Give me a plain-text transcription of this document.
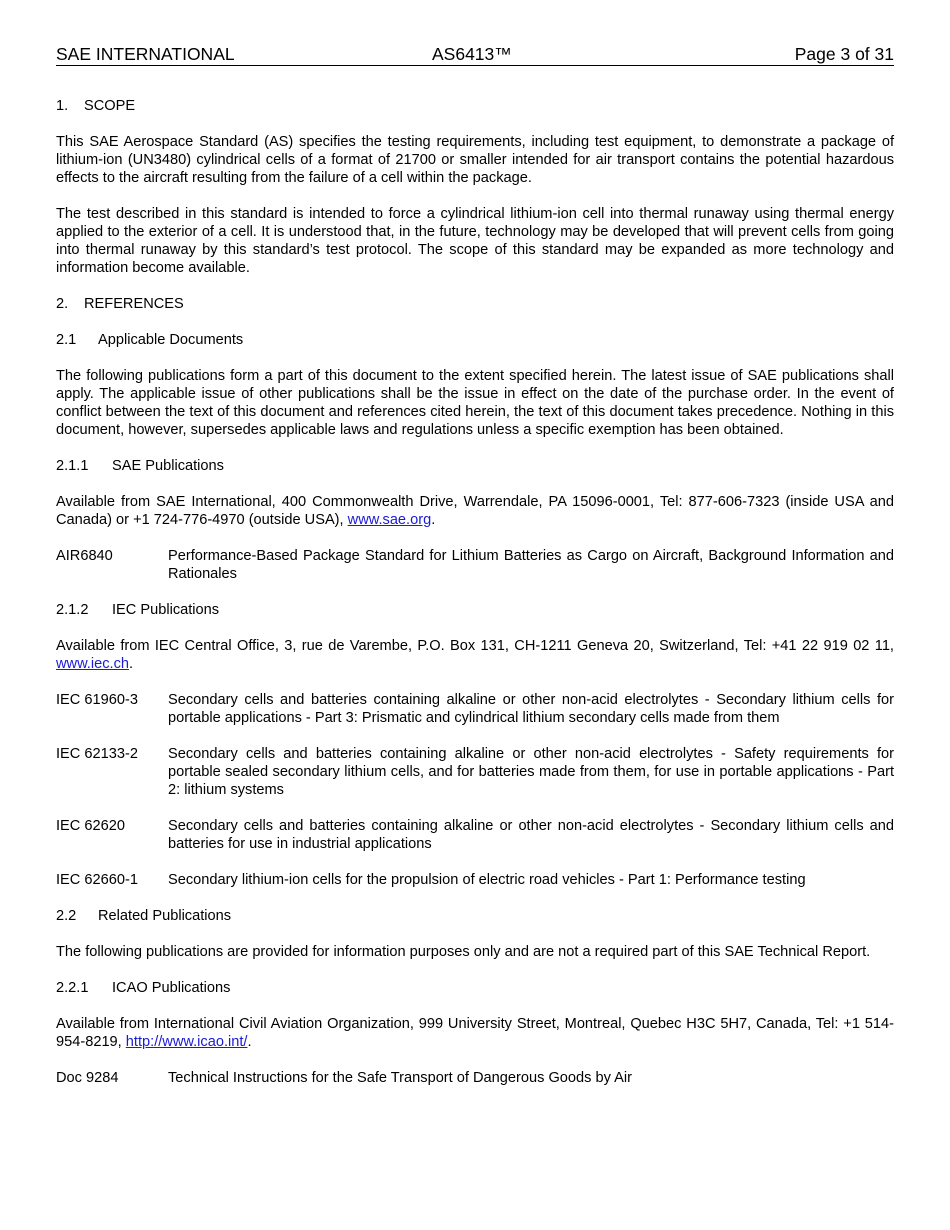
SAE INTERNATIONAL	AS6413™	Page 3 of 31

1. SCOPE

This SAE Aerospace Standard (AS) specifies the testing requirements, including test equipment, to demonstrate a package of lithium-ion (UN3480) cylindrical cells of a format of 21700 or smaller intended for air transport contains the potential hazardous effects to the aircraft resulting from the failure of a cell within the package.

The test described in this standard is intended to force a cylindrical lithium-ion cell into thermal runaway using thermal energy applied to the exterior of a cell. It is understood that, in the future, technology may be developed that will prevent cells from going into thermal runaway by this standard’s test protocol. The scope of this standard may be expanded as more technology and information become available.

2. REFERENCES

2.1 Applicable Documents

The following publications form a part of this document to the extent specified herein. The latest issue of SAE publications shall apply. The applicable issue of other publications shall be the issue in effect on the date of the purchase order. In the event of conflict between the text of this document and references cited herein, the text of this document takes precedence. Nothing in this document, however, supersedes applicable laws and regulations unless a specific exemption has been obtained.

2.1.1 SAE Publications

Available from SAE International, 400 Commonwealth Drive, Warrendale, PA 15096-0001, Tel: 877-606-7323 (inside USA and Canada) or +1 724-776-4970 (outside USA), www.sae.org.

AIR6840	Performance-Based Package Standard for Lithium Batteries as Cargo on Aircraft, Background Information and Rationales

2.1.2 IEC Publications

Available from IEC Central Office, 3, rue de Varembe, P.O. Box 131, CH-1211 Geneva 20, Switzerland, Tel: +41 22 919 02 11, www.iec.ch.

IEC 61960-3	Secondary cells and batteries containing alkaline or other non-acid electrolytes - Secondary lithium cells for portable applications - Part 3: Prismatic and cylindrical lithium secondary cells made from them
IEC 62133-2	Secondary cells and batteries containing alkaline or other non-acid electrolytes - Safety requirements for portable sealed secondary lithium cells, and for batteries made from them, for use in portable applications - Part 2: lithium systems
IEC 62620	Secondary cells and batteries containing alkaline or other non-acid electrolytes - Secondary lithium cells and batteries for use in industrial applications
IEC 62660-1	Secondary lithium-ion cells for the propulsion of electric road vehicles - Part 1: Performance testing

2.2 Related Publications

The following publications are provided for information purposes only and are not a required part of this SAE Technical Report.

2.2.1 ICAO Publications

Available from International Civil Aviation Organization, 999 University Street, Montreal, Quebec H3C 5H7, Canada, Tel: +1 514-954-8219, http://www.icao.int/.

Doc 9284	Technical Instructions for the Safe Transport of Dangerous Goods by Air
